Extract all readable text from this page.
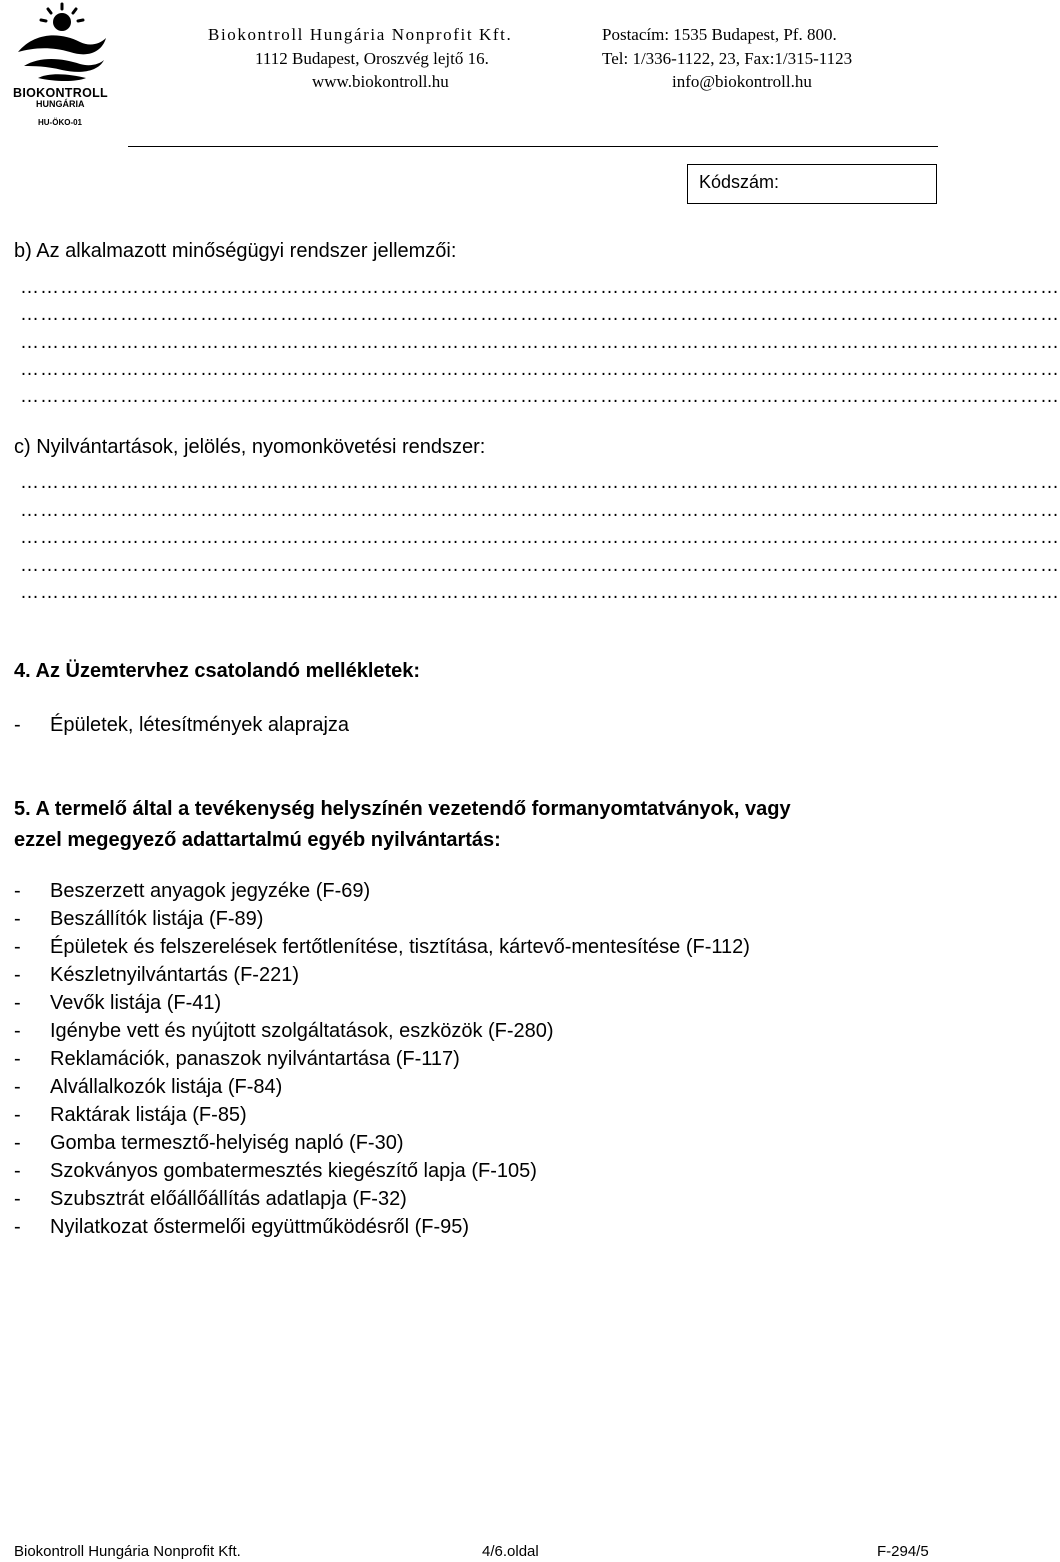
BIOKONTROLL
HUNGÁRIA
HU-ÖKO-01
Biokontroll Hungária Nonprofit Kft.
1112 Budapest, Oroszvég lejtő 16.
www.biokontroll.hu
Postacím: 1535 Budapest, Pf. 800.
Tel: 1/336-1122, 23, Fax:1/315-1123
info@biokontroll.hu
Kódszám:
b) Az alkalmazott minőségügyi rendszer jellemzői:
…………………………………………………………………………………………………………………………………………
…………………………………………………………………………………………………………………………………………
…………………………………………………………………………………………………………………………………………
…………………………………………………………………………………………………………………………………………
…………………………………………………………………………………………………………………………………………
c) Nyilvántartások, jelölés, nyomonkövetési rendszer:
…………………………………………………………………………………………………………………………………………
…………………………………………………………………………………………………………………………………………
…………………………………………………………………………………………………………………………………………
…………………………………………………………………………………………………………………………………………
…………………………………………………………………………………………………………………………………………
4. Az Üzemtervhez csatolandó mellékletek:
- Épületek, létesítmények alaprajza
5. A termelő által a tevékenység helyszínén vezetendő formanyomtatványok, vagy
ezzel megegyező adattartalmú egyéb nyilvántartás:
- Beszerzett anyagok jegyzéke (F-69)
- Beszállítók listája (F-89)
- Épületek és felszerelések fertőtlenítése, tisztítása, kártevő-mentesítése (F-112)
- Készletnyilvántartás (F-221)
- Vevők listája (F-41)
- Igénybe vett és nyújtott szolgáltatások, eszközök (F-280)
- Reklamációk, panaszok nyilvántartása (F-117)
- Alvállalkozók listája (F-84)
- Raktárak listája (F-85)
- Gomba termesztő-helyiség napló (F-30)
- Szokványos gombatermesztés kiegészítő lapja (F-105)
- Szubsztrát előállőállítás adatlapja (F-32)
- Nyilatkozat őstermelői együttműködésről (F-95)
Biokontroll Hungária Nonprofit Kft.	4/6.oldal	F-294/5
